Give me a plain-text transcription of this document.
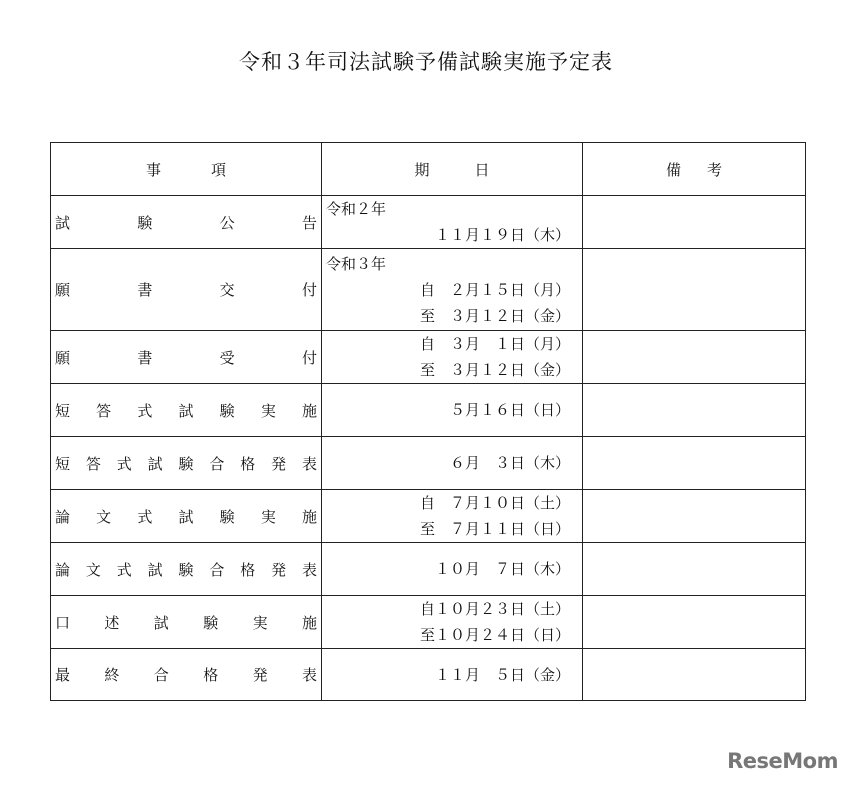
令和３年司法試験予備試験実施予定表
事 項	期 日	備 考

試験公告	令和２年
１１月１９日（木）	

願書交付	令和３年
自　２月１５日（月）
至　３月１２日（金）	

願書受付	自　３月　１日（月）
至　３月１２日（金）	

短答式試験実施	５月１６日（日）	

短答式試験合格発表	６月　３日（木）	

論文式試験実施	自　７月１０日（土）
至　７月１１日（日）	

論文式試験合格発表	１０月　７日（木）	

口述試験実施	自１０月２３日（土）
至１０月２４日（日）	

最終合格発表	１１月　５日（金）	

ReseMom
